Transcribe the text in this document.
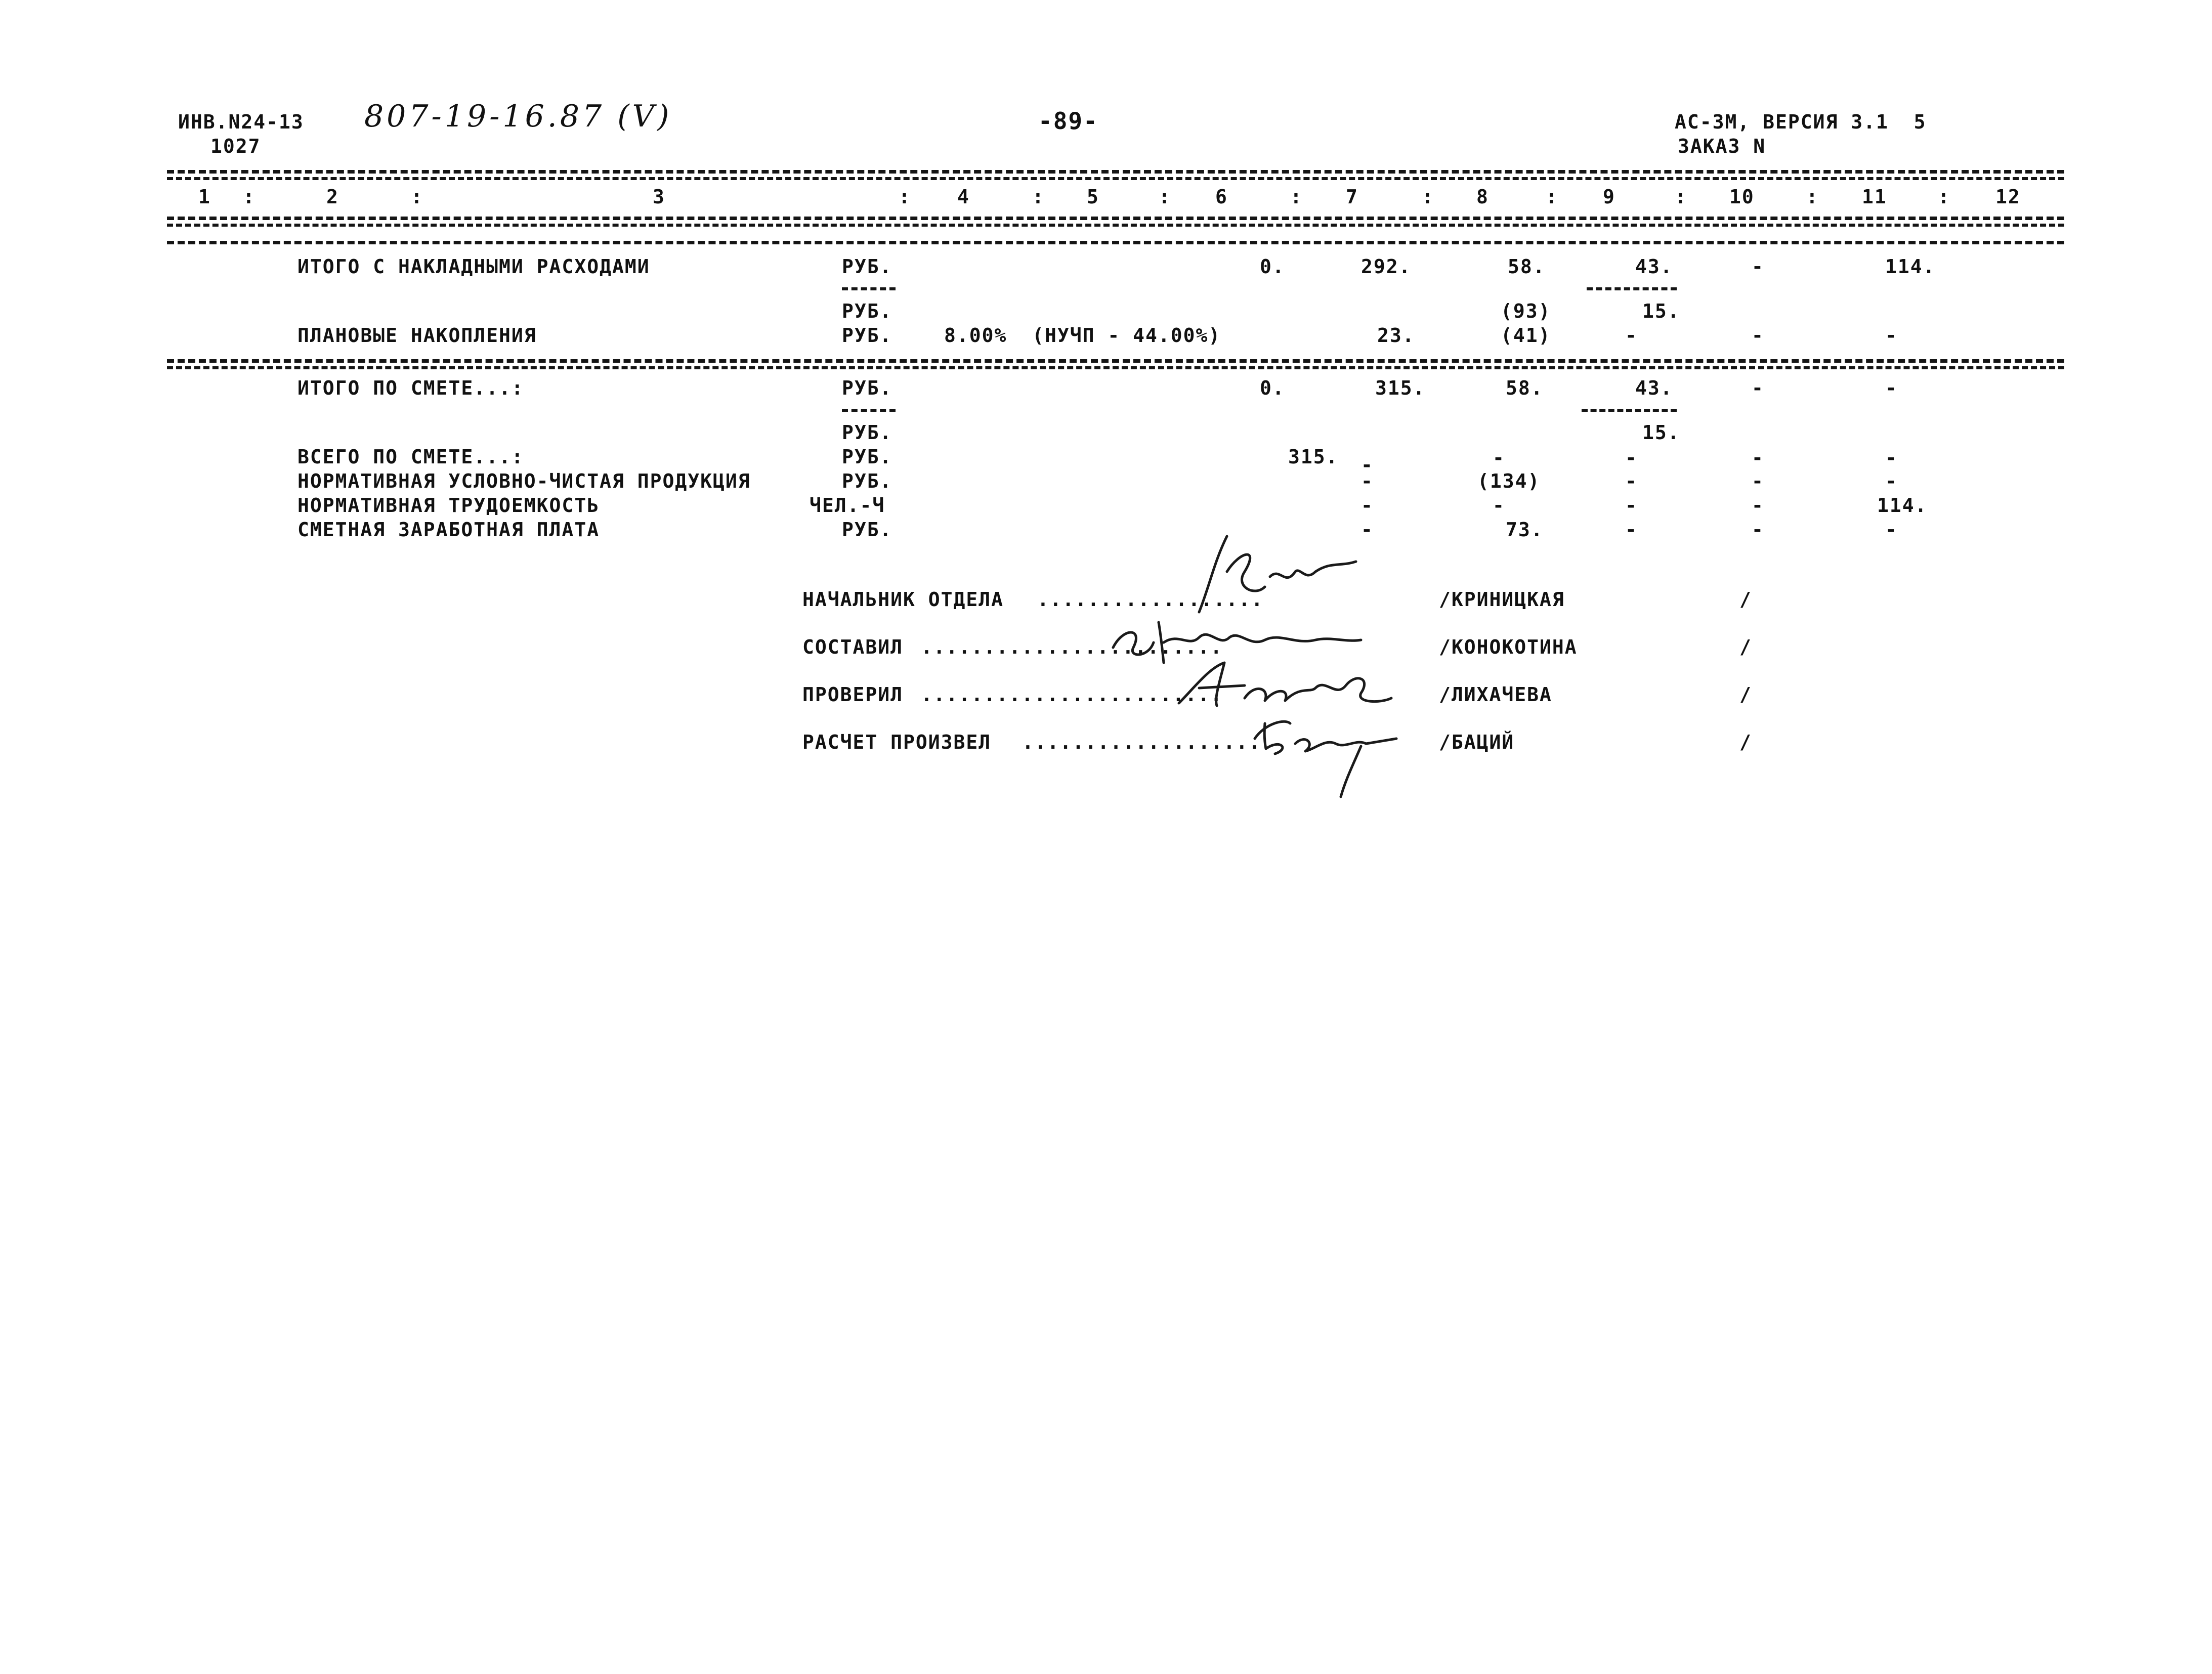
ИНВ.N24-13
1027
807-19-16.87 (V)	-89-	АС-3М, ВЕРСИЯ 3.1  5
ЗАКАЗ N
1 :	2	:	3	: 4	: 5	: 6	: 7	: 8	: 9	: 10	: 11	: 12
ИТОГО С НАКЛАДНЫМИ РАСХОДАМИ	РУБ.	0.	292.	58.	43.	-	114.
РУБ.	(93)	15.
ПЛАНОВЫЕ НАКОПЛЕНИЯ	РУБ.	8.00%  (НУЧП - 44.00%)	23.	(41)	-	-	-
ИТОГО ПО СМЕТЕ...:	РУБ.	0.	315.	58.	43.	-	-
РУБ.	15.
ВСЕГО ПО СМЕТЕ...:	РУБ.	315. -	-	-	-	-
НОРМАТИВНАЯ УСЛОВНО-ЧИСТАЯ ПРОДУКЦИЯ	РУБ.	-	(134)	-	-	-
НОРМАТИВНАЯ ТРУДОЕМКОСТЬ	ЧЕЛ.-Ч	-	-	-	-	114.
СМЕТНАЯ ЗАРАБОТНАЯ ПЛАТА	РУБ.	-	73.	-	-	-
НАЧАЛЬНИК ОТДЕЛА ..................	/КРИНИЦКАЯ	/
СОСТАВИЛ ........................	/КОНОКОТИНА	/
ПРОВЕРИЛ ........................	/ЛИХАЧЕВА	/
РАСЧЕТ ПРОИЗВЕЛ ...................	/БАЦИЙ	/
